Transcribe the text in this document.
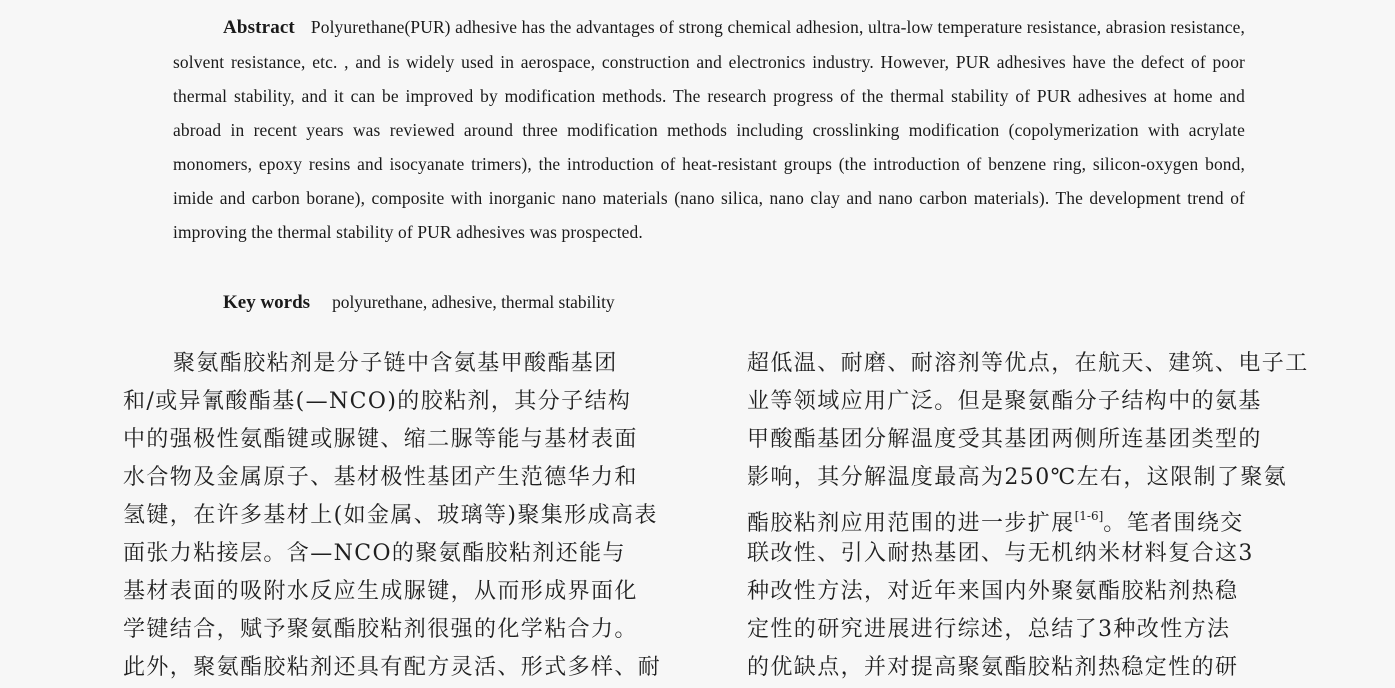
Abstract Polyurethane(PUR) adhesive has the advantages of strong chemical adhesion, ultra-low temperature resistance, abrasion resistance, solvent resistance, etc. , and is widely used in aerospace, construction and electronics industry. However, PUR adhesives have the defect of poor thermal stability, and it can be improved by modification methods. The research progress of the thermal stability of PUR adhesives at home and abroad in recent years was reviewed around three modification methods including crosslinking modification (copolymerization with acrylate monomers, epoxy resins and isocyanate trimers), the introduction of heat-resistant groups (the introduction of benzene ring, silicon-oxygen bond, imide and carbon borane), composite with inorganic nano materials (nano silica, nano clay and nano carbon materials). The development trend of improving the thermal stability of PUR adhesives was prospected.
Key words polyurethane, adhesive, thermal stability
聚氨酯胶粘剂是分子链中含氨基甲酸酯基团
和/或异氰酸酯基(—NCO)的胶粘剂，其分子结构
中的强极性氨酯键或脲键、缩二脲等能与基材表面
水合物及金属原子、基材极性基团产生范德华力和
氢键，在许多基材上(如金属、玻璃等)聚集形成高表
面张力粘接层。含—NCO的聚氨酯胶粘剂还能与
基材表面的吸附水反应生成脲键，从而形成界面化
学键结合，赋予聚氨酯胶粘剂很强的化学粘合力。
此外，聚氨酯胶粘剂还具有配方灵活、形式多样、耐
超低温、耐磨、耐溶剂等优点，在航天、建筑、电子工
业等领域应用广泛。但是聚氨酯分子结构中的氨基
甲酸酯基团分解温度受其基团两侧所连基团类型的
影响，其分解温度最高为250℃左右，这限制了聚氨
酯胶粘剂应用范围的进一步扩展[1-6]。笔者围绕交
联改性、引入耐热基团、与无机纳米材料复合这3
种改性方法，对近年来国内外聚氨酯胶粘剂热稳
定性的研究进展进行综述，总结了3种改性方法
的优缺点，并对提高聚氨酯胶粘剂热稳定性的研
